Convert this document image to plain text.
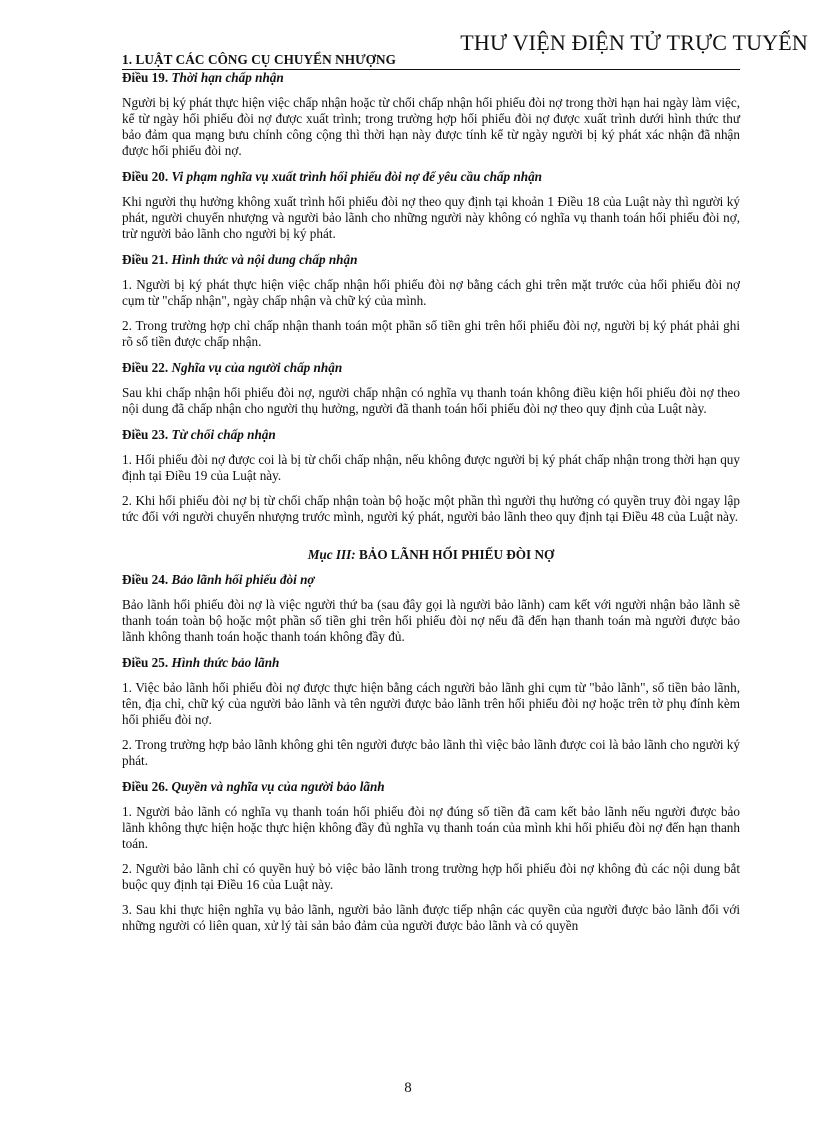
THƯ VIỆN ĐIỆN TỬ TRỰC TUYẾN
1. LUẬT CÁC CÔNG CỤ CHUYỂN NHƯỢNG
Điều 19. Thời hạn chấp nhận

Người bị ký phát thực hiện việc chấp nhận hoặc từ chối chấp nhận hối phiếu đòi nợ trong thời hạn hai ngày làm việc, kể từ ngày hối phiếu đòi nợ được xuất trình; trong trường hợp hối phiếu đòi nợ được xuất trình dưới hình thức thư bảo đảm qua mạng bưu chính công cộng thì thời hạn này được tính kể từ ngày người bị ký phát xác nhận đã nhận được hối phiếu đòi nợ.

Điều 20. Vi phạm nghĩa vụ xuất trình hối phiếu đòi nợ để yêu cầu chấp nhận

Khi người thụ hưởng không xuất trình hối phiếu đòi nợ theo quy định tại khoản 1 Điều 18 của Luật này thì người ký phát, người chuyển nhượng và người bảo lãnh cho những người này không có nghĩa vụ thanh toán hối phiếu đòi nợ, trừ người bảo lãnh cho người bị ký phát.

Điều 21. Hình thức và nội dung chấp nhận

1. Người bị ký phát thực hiện việc chấp nhận hối phiếu đòi nợ bằng cách ghi trên mặt trước của hối phiếu đòi nợ cụm từ "chấp nhận", ngày chấp nhận và chữ ký của mình.

2. Trong trường hợp chỉ chấp nhận thanh toán một phần số tiền ghi trên hối phiếu đòi nợ, người bị ký phát phải ghi rõ số tiền được chấp nhận.

Điều 22. Nghĩa vụ của người chấp nhận

Sau khi chấp nhận hối phiếu đòi nợ, người chấp nhận có nghĩa vụ thanh toán không điều kiện hối phiếu đòi nợ theo nội dung đã chấp nhận cho người thụ hưởng, người đã thanh toán hối phiếu đòi nợ theo quy định của Luật này.

Điều 23. Từ chối chấp nhận

1. Hối phiếu đòi nợ được coi là bị từ chối chấp nhận, nếu không được người bị ký phát chấp nhận trong thời hạn quy định tại Điều 19 của Luật này.

2. Khi hối phiếu đòi nợ bị từ chối chấp nhận toàn bộ hoặc một phần thì người thụ hưởng có quyền truy đòi ngay lập tức đối với người chuyển nhượng trước mình, người ký phát, người bảo lãnh theo quy định tại Điều 48 của Luật này.

Mục III: BẢO LÃNH HỐI PHIẾU ĐÒI NỢ
Điều 24. Bảo lãnh hối phiếu đòi nợ

Bảo lãnh hối phiếu đòi nợ là việc người thứ ba (sau đây gọi là người bảo lãnh) cam kết với người nhận bảo lãnh sẽ thanh toán toàn bộ hoặc một phần số tiền ghi trên hối phiếu đòi nợ nếu đã đến hạn thanh toán mà người được bảo lãnh không thanh toán hoặc thanh toán không đầy đủ.

Điều 25. Hình thức bảo lãnh

1. Việc bảo lãnh hối phiếu đòi nợ được thực hiện bằng cách người bảo lãnh ghi cụm từ "bảo lãnh", số tiền bảo lãnh, tên, địa chỉ, chữ ký của người bảo lãnh và tên người được bảo lãnh trên hối phiếu đòi nợ hoặc trên tờ phụ đính kèm hối phiếu đòi nợ.

2. Trong trường hợp bảo lãnh không ghi tên người được bảo lãnh thì việc bảo lãnh được coi là bảo lãnh cho người ký phát.

Điều 26. Quyền và nghĩa vụ của người bảo lãnh

1. Người bảo lãnh có nghĩa vụ thanh toán hối phiếu đòi nợ đúng số tiền đã cam kết bảo lãnh nếu người được bảo lãnh không thực hiện hoặc thực hiện không đầy đủ nghĩa vụ thanh toán của mình khi hối phiếu đòi nợ đến hạn thanh toán.

2. Người bảo lãnh chỉ có quyền huỷ bỏ việc bảo lãnh trong trường hợp hối phiếu đòi nợ không đủ các nội dung bắt buộc quy định tại Điều 16 của Luật này.

3. Sau khi thực hiện nghĩa vụ bảo lãnh, người bảo lãnh được tiếp nhận các quyền của người được bảo lãnh đối với những người có liên quan, xử lý tài sản bảo đảm của người được bảo lãnh và có quyền

8
